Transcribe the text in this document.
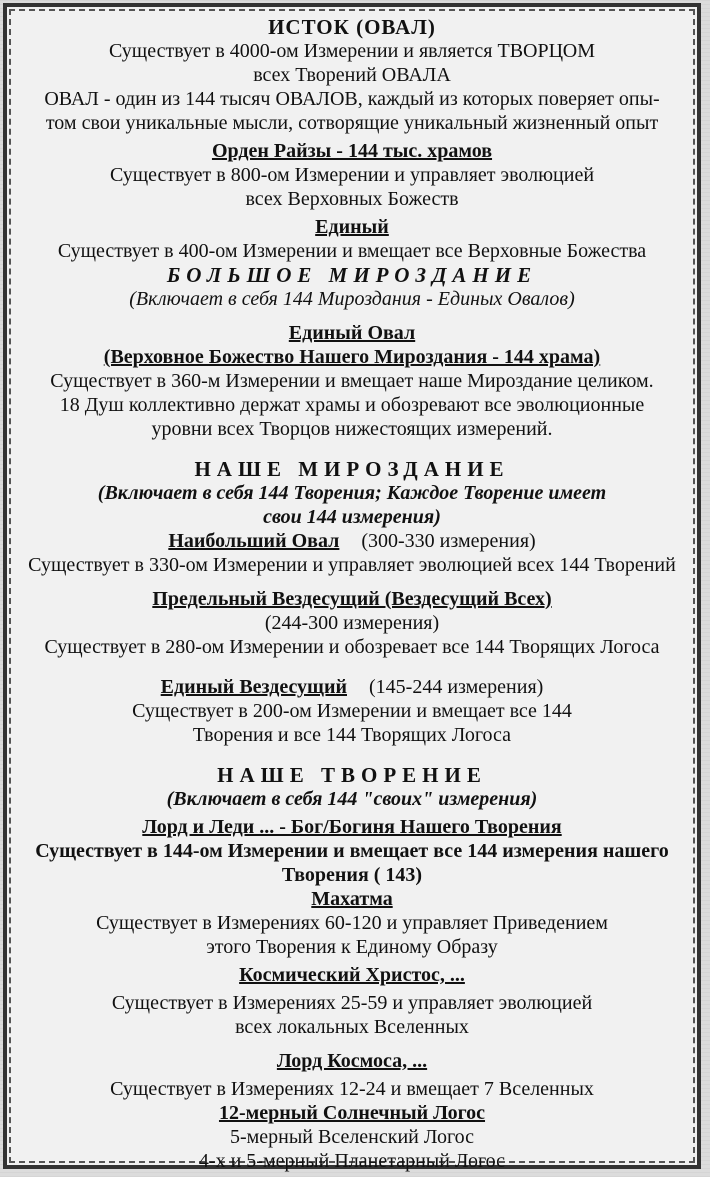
ИСТОК (ОВАЛ)
Существует в 4000-ом Измерении и является ТВОРЦОМ
всех Творений ОВАЛА
ОВАЛ - один из 144 тысяч ОВАЛОВ, каждый из которых поверяет опы-
том свои уникальные мысли, сотворящие уникальный жизненный опыт
Орден Райзы - 144 тыс. храмов
Существует в 800-ом Измерении и управляет эволюцией
всех Верховных Божеств
Единый
Существует в 400-ом Измерении и вмещает все Верховные Божества
БОЛЬШОЕ МИРОЗДАНИЕ
(Включает в себя 144 Мироздания - Единых Овалов)
Единый Овал
(Верховное Божество Нашего Мироздания - 144 храма)
Существует в 360-м Измерении и вмещает наше Мироздание целиком.
18 Душ коллективно держат храмы и обозревают все эволюционные
уровни всех Творцов нижестоящих измерений.
НАШЕ МИРОЗДАНИЕ
(Включает в себя 144 Творения; Каждое Творение имеет
свои 144 измерения)
Наибольший Овал (300-330 измерения)
Существует в 330-ом Измерении и управляет эволюцией всех 144 Творений
Предельный Вездесущий (Вездесущий Всех)
(244-300 измерения)
Существует в 280-ом Измерении и обозревает все 144 Творящих Логоса
Единый Вездесущий (145-244 измерения)
Существует в 200-ом Измерении и вмещает все 144
Творения и все 144 Творящих Логоса
НАШЕ ТВОРЕНИЕ
(Включает в себя 144 "своих" измерения)
Лорд и Леди ... - Бог/Богиня Нашего Творения
Существует в 144-ом Измерении и вмещает все 144 измерения нашего
Творения ( 143)
Махатма
Существует в Измерениях 60-120 и управляет Приведением
этого Творения к Единому Образу
Космический Христос, ...
Существует в Измерениях 25-59 и управляет эволюцией
всех локальных Вселенных
Лорд Космоса, ...
Существует в Измерениях 12-24 и вмещает 7 Вселенных
12-мерный Солнечный Логос
5-мерный Вселенский Логос
4-х и 5-мерный Планетарный Логос
